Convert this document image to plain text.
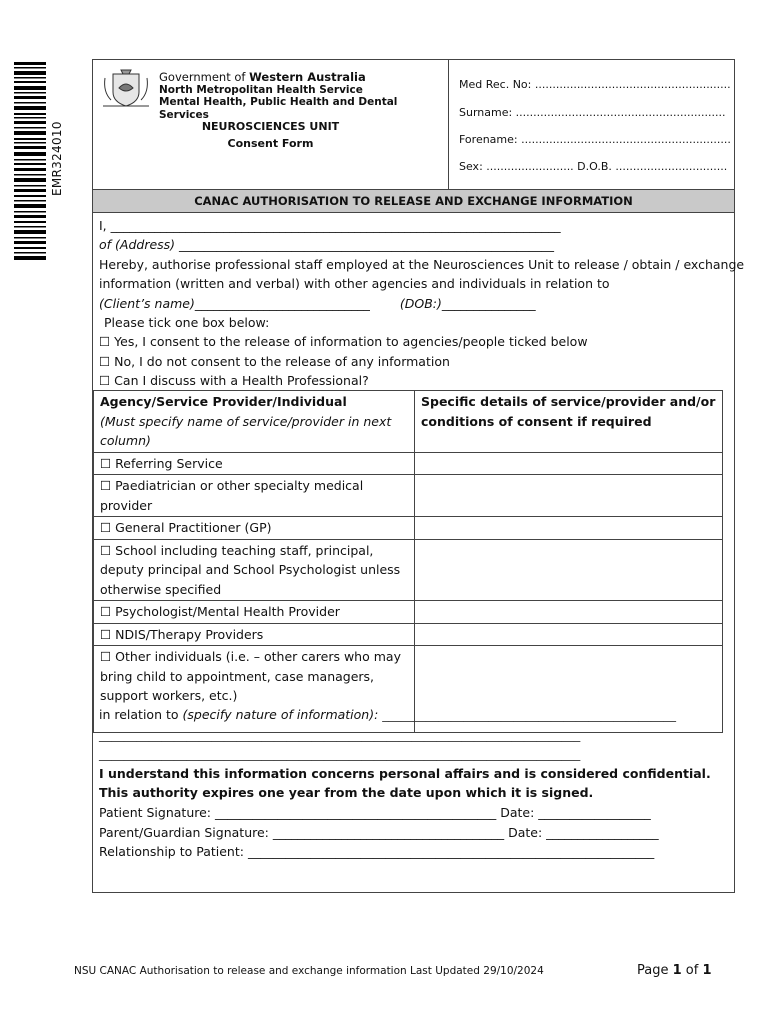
EMR324010
Government of Western Australia
North Metropolitan Health Service
Mental Health, Public Health and Dental Services
NEUROSCIENCES UNIT
Consent Form
Med Rec. No: ........................................................
Surname: ............................................................
Forename: ............................................................
Sex: ......................... D.O.B. ................................
CANAC AUTHORISATION TO RELEASE AND EXCHANGE INFORMATION
I, ________________________________________________________________________
of (Address) ____________________________________________________________
Hereby, authorise professional staff employed at the Neurosciences Unit to release / obtain / exchange
information (written and verbal) with other agencies and individuals in relation to
(Client’s name)____________________________ (DOB:)_______________
Please tick one box below:
☐ Yes, I consent to the release of information to agencies/people ticked below
☐ No, I do not consent to the release of any information
☐ Can I discuss with a Health Professional?
Agency/Service Provider/Individual
(Must specify name of service/provider in next column)	Specific details of service/provider and/or conditions of consent if required
☐ Referring Service	
☐ Paediatrician or other specialty medical provider	
☐ General Practitioner (GP)	
☐ School including teaching staff, principal, deputy principal and School Psychologist unless otherwise specified	
☐ Psychologist/Mental Health Provider	
☐ NDIS/Therapy Providers	
☐ Other individuals (i.e. – other carers who may bring child to appointment, case managers, support workers, etc.)	
in relation to (specify nature of information): _______________________________________________
_____________________________________________________________________________
_____________________________________________________________________________
I understand this information concerns personal affairs and is considered confidential.
This authority expires one year from the date upon which it is signed.
Patient Signature: _____________________________________________ Date: __________________
Parent/Guardian Signature: _____________________________________ Date: __________________
Relationship to Patient: _________________________________________________________________
NSU CANAC Authorisation to release and exchange information Last Updated 29/10/2024	Page 1 of 1
